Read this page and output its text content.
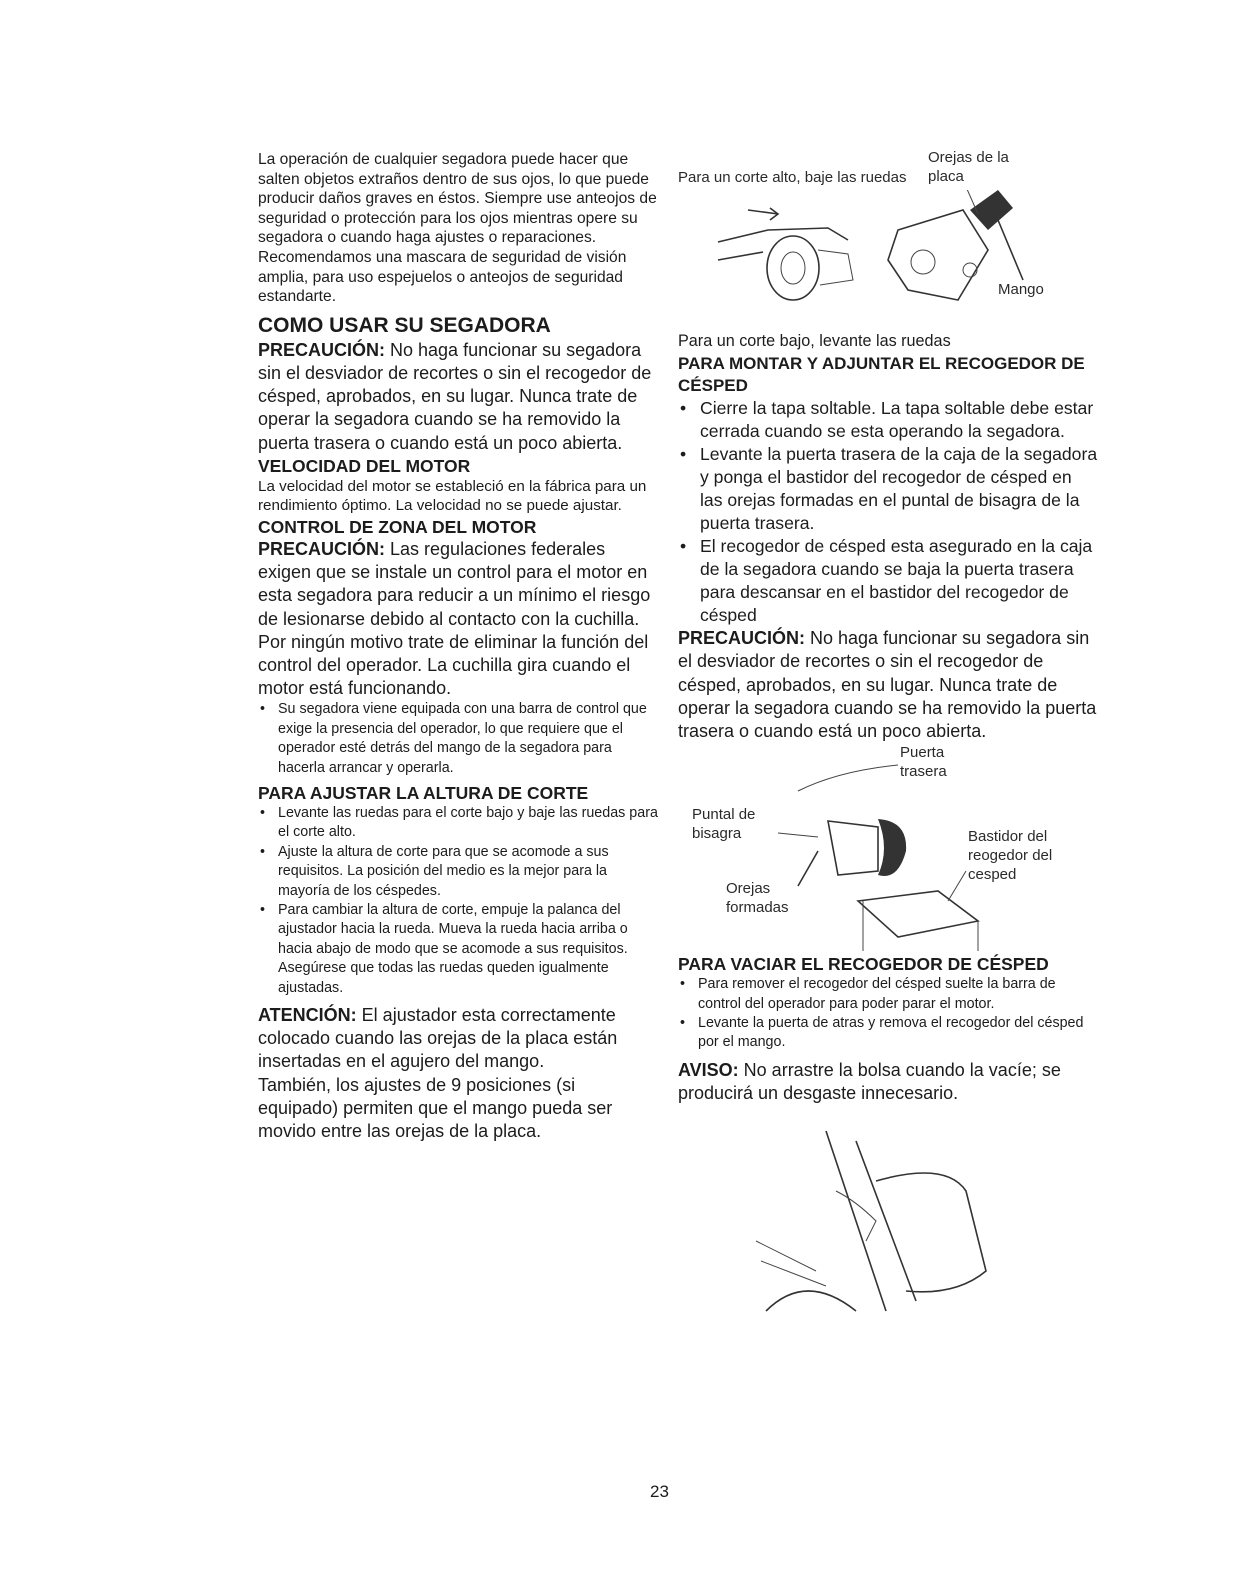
La operación de cualquier segadora puede hacer que salten objetos extraños dentro de sus ojos, lo que puede producir daños graves en éstos. Siempre use anteojos de seguridad o protección para los ojos mientras opere su segadora o cuando haga ajustes o reparaciones. Recomendamos una mascara de seguridad de visión amplia, para uso espejuelos o anteojos de seguridad estandarte.

COMO USAR SU SEGADORA

PRECAUCIÓN: No haga funcionar su segadora sin el desviador de recortes o sin el recogedor de césped, aprobados, en su lugar. Nunca trate de operar la segadora cuando se ha removido la puerta trasera o cuando está un poco abierta.

VELOCIDAD DEL MOTOR

La velocidad del motor se estableció en la fábrica para un rendimiento óptimo. La velocidad no se puede ajustar.

CONTROL DE ZONA DEL MOTOR

PRECAUCIÓN: Las regulaciones federales exigen que se instale un control para el motor en esta segadora para reducir a un mínimo el riesgo de lesionarse debido al contacto con la cuchilla. Por ningún motivo trate de eliminar la función del control del operador. La cuchilla gira cuando el motor está funcionando.

• Su segadora viene equipada con una barra de control que exige la presencia del operador, lo que requiere que el operador esté detrás del mango de la segadora para hacerla arrancar y operarla.
PARA AJUSTAR LA ALTURA DE CORTE
• Levante las ruedas para el corte bajo y baje las ruedas para el corte alto.
• Ajuste la altura de corte para que se acomode a sus requisitos. La posición del medio es la mejor para la mayoría de los céspedes.
• Para cambiar la altura de corte, empuje la palanca del ajustador hacia la rueda. Mueva la rueda hacia arriba o hacia abajo de modo que se acomode a sus requisitos. Asegúrese que todas las ruedas queden igualmente ajustadas.

ATENCIÓN: El ajustador esta correctamente colocado cuando las orejas de la placa están insertadas en el agujero del mango.

También, los ajustes de 9 posiciones (si equipado) permiten que el mango pueda ser movido entre las orejas de la placa.

Para un corte alto, baje las ruedas
Orejas de la placa
Mango

Para un corte bajo, levante las ruedas

PARA MONTAR Y ADJUNTAR EL RECOGEDOR DE CÉSPED
• Cierre la tapa soltable. La tapa soltable debe estar cerrada cuando se esta operando la segadora.
• Levante la puerta trasera de la caja de la segadora y ponga el bastidor del recogedor de césped en las orejas formadas en el puntal de bisagra de la puerta trasera.
• El recogedor de césped esta asegurado en la caja de la segadora cuando se baja la puerta trasera para descansar en el bastidor del recogedor de césped

PRECAUCIÓN: No haga funcionar su segadora sin el desviador de recortes o sin el recogedor de césped, aprobados, en su lugar. Nunca trate de operar la segadora cuando se ha removido la puerta trasera o cuando está un poco abierta.

Puerta trasera
Puntal de bisagra	Bastidor del reogedor del cesped
Orejas formadas
PARA VACIAR EL RECOGEDOR DE CÉSPED
• Para remover el recogedor del césped suelte la barra de control del operador para poder parar el motor.
• Levante la puerta de atras y remova el recogedor del césped por el mango.

AVISO: No arrastre la bolsa cuando la vacíe; se producirá un desgaste innecesario.

23
